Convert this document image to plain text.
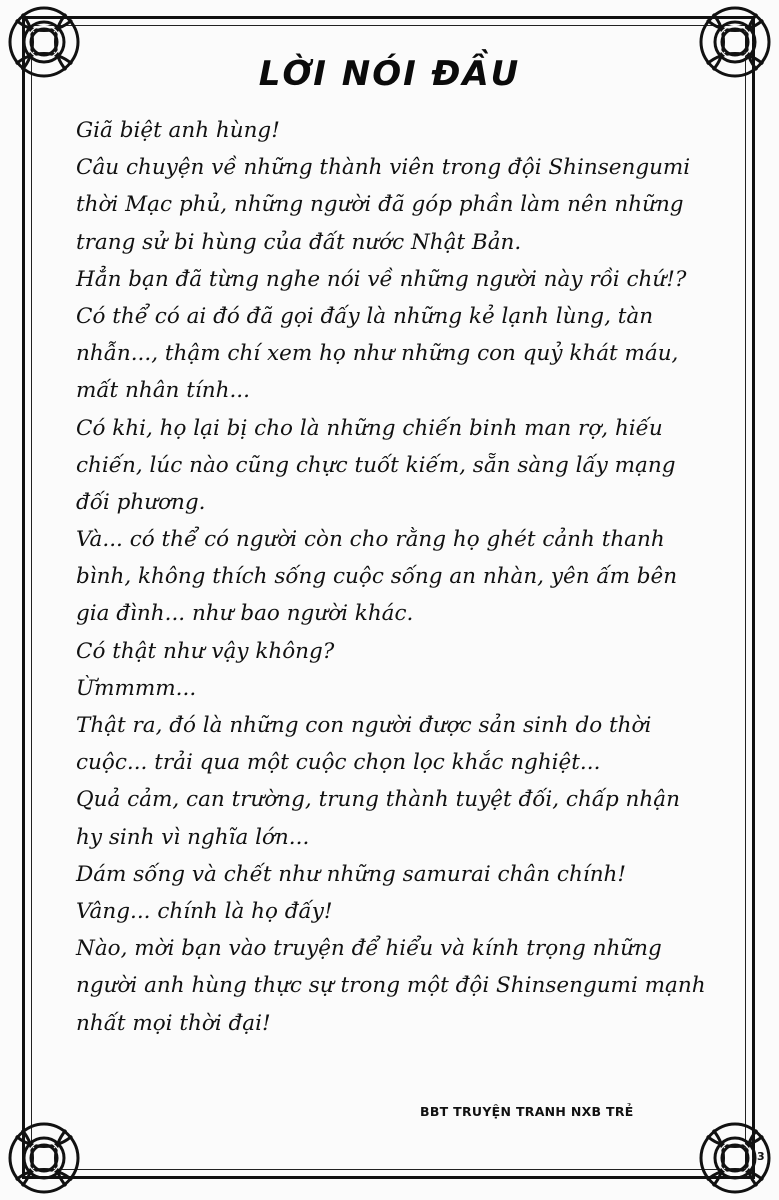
LỜI NÓI ĐẦU
Giã biệt anh hùng!
Câu chuyện về những thành viên trong đội Shinsengumi
thời Mạc phủ, những người đã góp phần làm nên những
trang sử bi hùng của đất nước Nhật Bản.
Hẳn bạn đã từng nghe nói về những người này rồi chứ!?
Có thể có ai đó đã gọi đấy là những kẻ lạnh lùng, tàn
nhẫn..., thậm chí xem họ như những con quỷ khát máu,
mất nhân tính...
Có khi, họ lại bị cho là những chiến binh man rợ, hiếu
chiến, lúc nào cũng chực tuốt kiếm, sẵn sàng lấy mạng
đối phương.
Và... có thể có người còn cho rằng họ ghét cảnh thanh
bình, không thích sống cuộc sống an nhàn, yên ấm bên
gia đình... như bao người khác.
Có thật như vậy không?
Ừmmmm...
Thật ra, đó là những con người được sản sinh do thời
cuộc... trải qua một cuộc chọn lọc khắc nghiệt...
Quả cảm, can trường, trung thành tuyệt đối, chấp nhận
hy sinh vì nghĩa lớn...
Dám sống và chết như những samurai chân chính!
Vâng... chính là họ đấy!
Nào, mời bạn vào truyện để hiểu và kính trọng những
người anh hùng thực sự trong một đội Shinsengumi mạnh
nhất mọi thời đại!
BBT TRUYỆN TRANH NXB TRẺ
3
